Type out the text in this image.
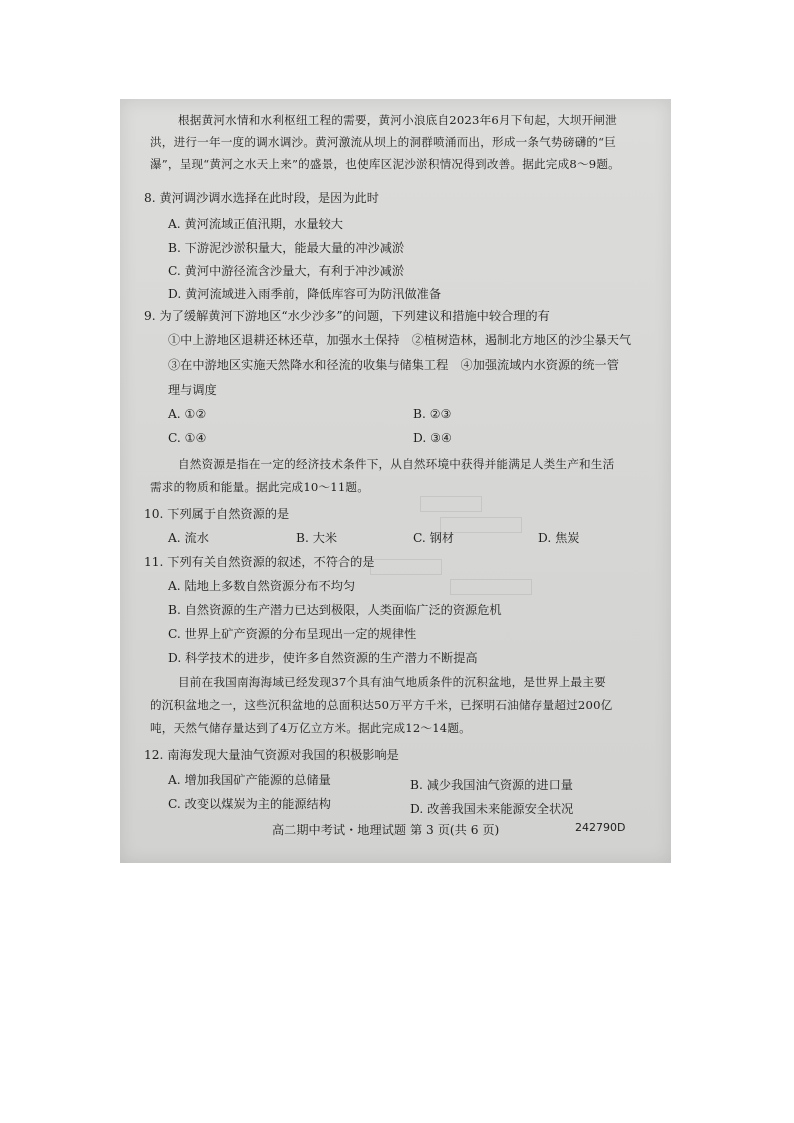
根据黄河水情和水利枢纽工程的需要，黄河小浪底自2023年6月下旬起，大坝开闸泄
洪，进行一年一度的调水调沙。黄河激流从坝上的洞群喷涌而出，形成一条气势磅礴的“巨
瀑”，呈现“黄河之水天上来”的盛景，也使库区泥沙淤积情况得到改善。据此完成8～9题。
8. 黄河调沙调水选择在此时段，是因为此时
A. 黄河流域正值汛期，水量较大
B. 下游泥沙淤积量大，能最大量的冲沙减淤
C. 黄河中游径流含沙量大，有利于冲沙减淤
D. 黄河流域进入雨季前，降低库容可为防汛做准备
9. 为了缓解黄河下游地区“水少沙多”的问题，下列建议和措施中较合理的有
①中上游地区退耕还林还草，加强水土保持　②植树造林，遏制北方地区的沙尘暴天气
③在中游地区实施天然降水和径流的收集与储集工程　④加强流域内水资源的统一管
理与调度
A. ①②	B. ②③
C. ①④	D. ③④
自然资源是指在一定的经济技术条件下，从自然环境中获得并能满足人类生产和生活
需求的物质和能量。据此完成10～11题。
10. 下列属于自然资源的是
A. 流水	B. 大米	C. 钢材	D. 焦炭
11. 下列有关自然资源的叙述，不符合的是
A. 陆地上多数自然资源分布不均匀
B. 自然资源的生产潜力已达到极限，人类面临广泛的资源危机
C. 世界上矿产资源的分布呈现出一定的规律性
D. 科学技术的进步，使许多自然资源的生产潜力不断提高
目前在我国南海海域已经发现37个具有油气地质条件的沉积盆地，是世界上最主要
的沉积盆地之一，这些沉积盆地的总面积达50万平方千米，已探明石油储存量超过200亿
吨，天然气储存量达到了4万亿立方米。据此完成12～14题。
12. 南海发现大量油气资源对我国的积极影响是
A. 增加我国矿产能源的总储量	B. 减少我国油气资源的进口量
C. 改变以煤炭为主的能源结构	D. 改善我国未来能源安全状况
高二期中考试・地理试题 第 3 页(共 6 页)	242790D
